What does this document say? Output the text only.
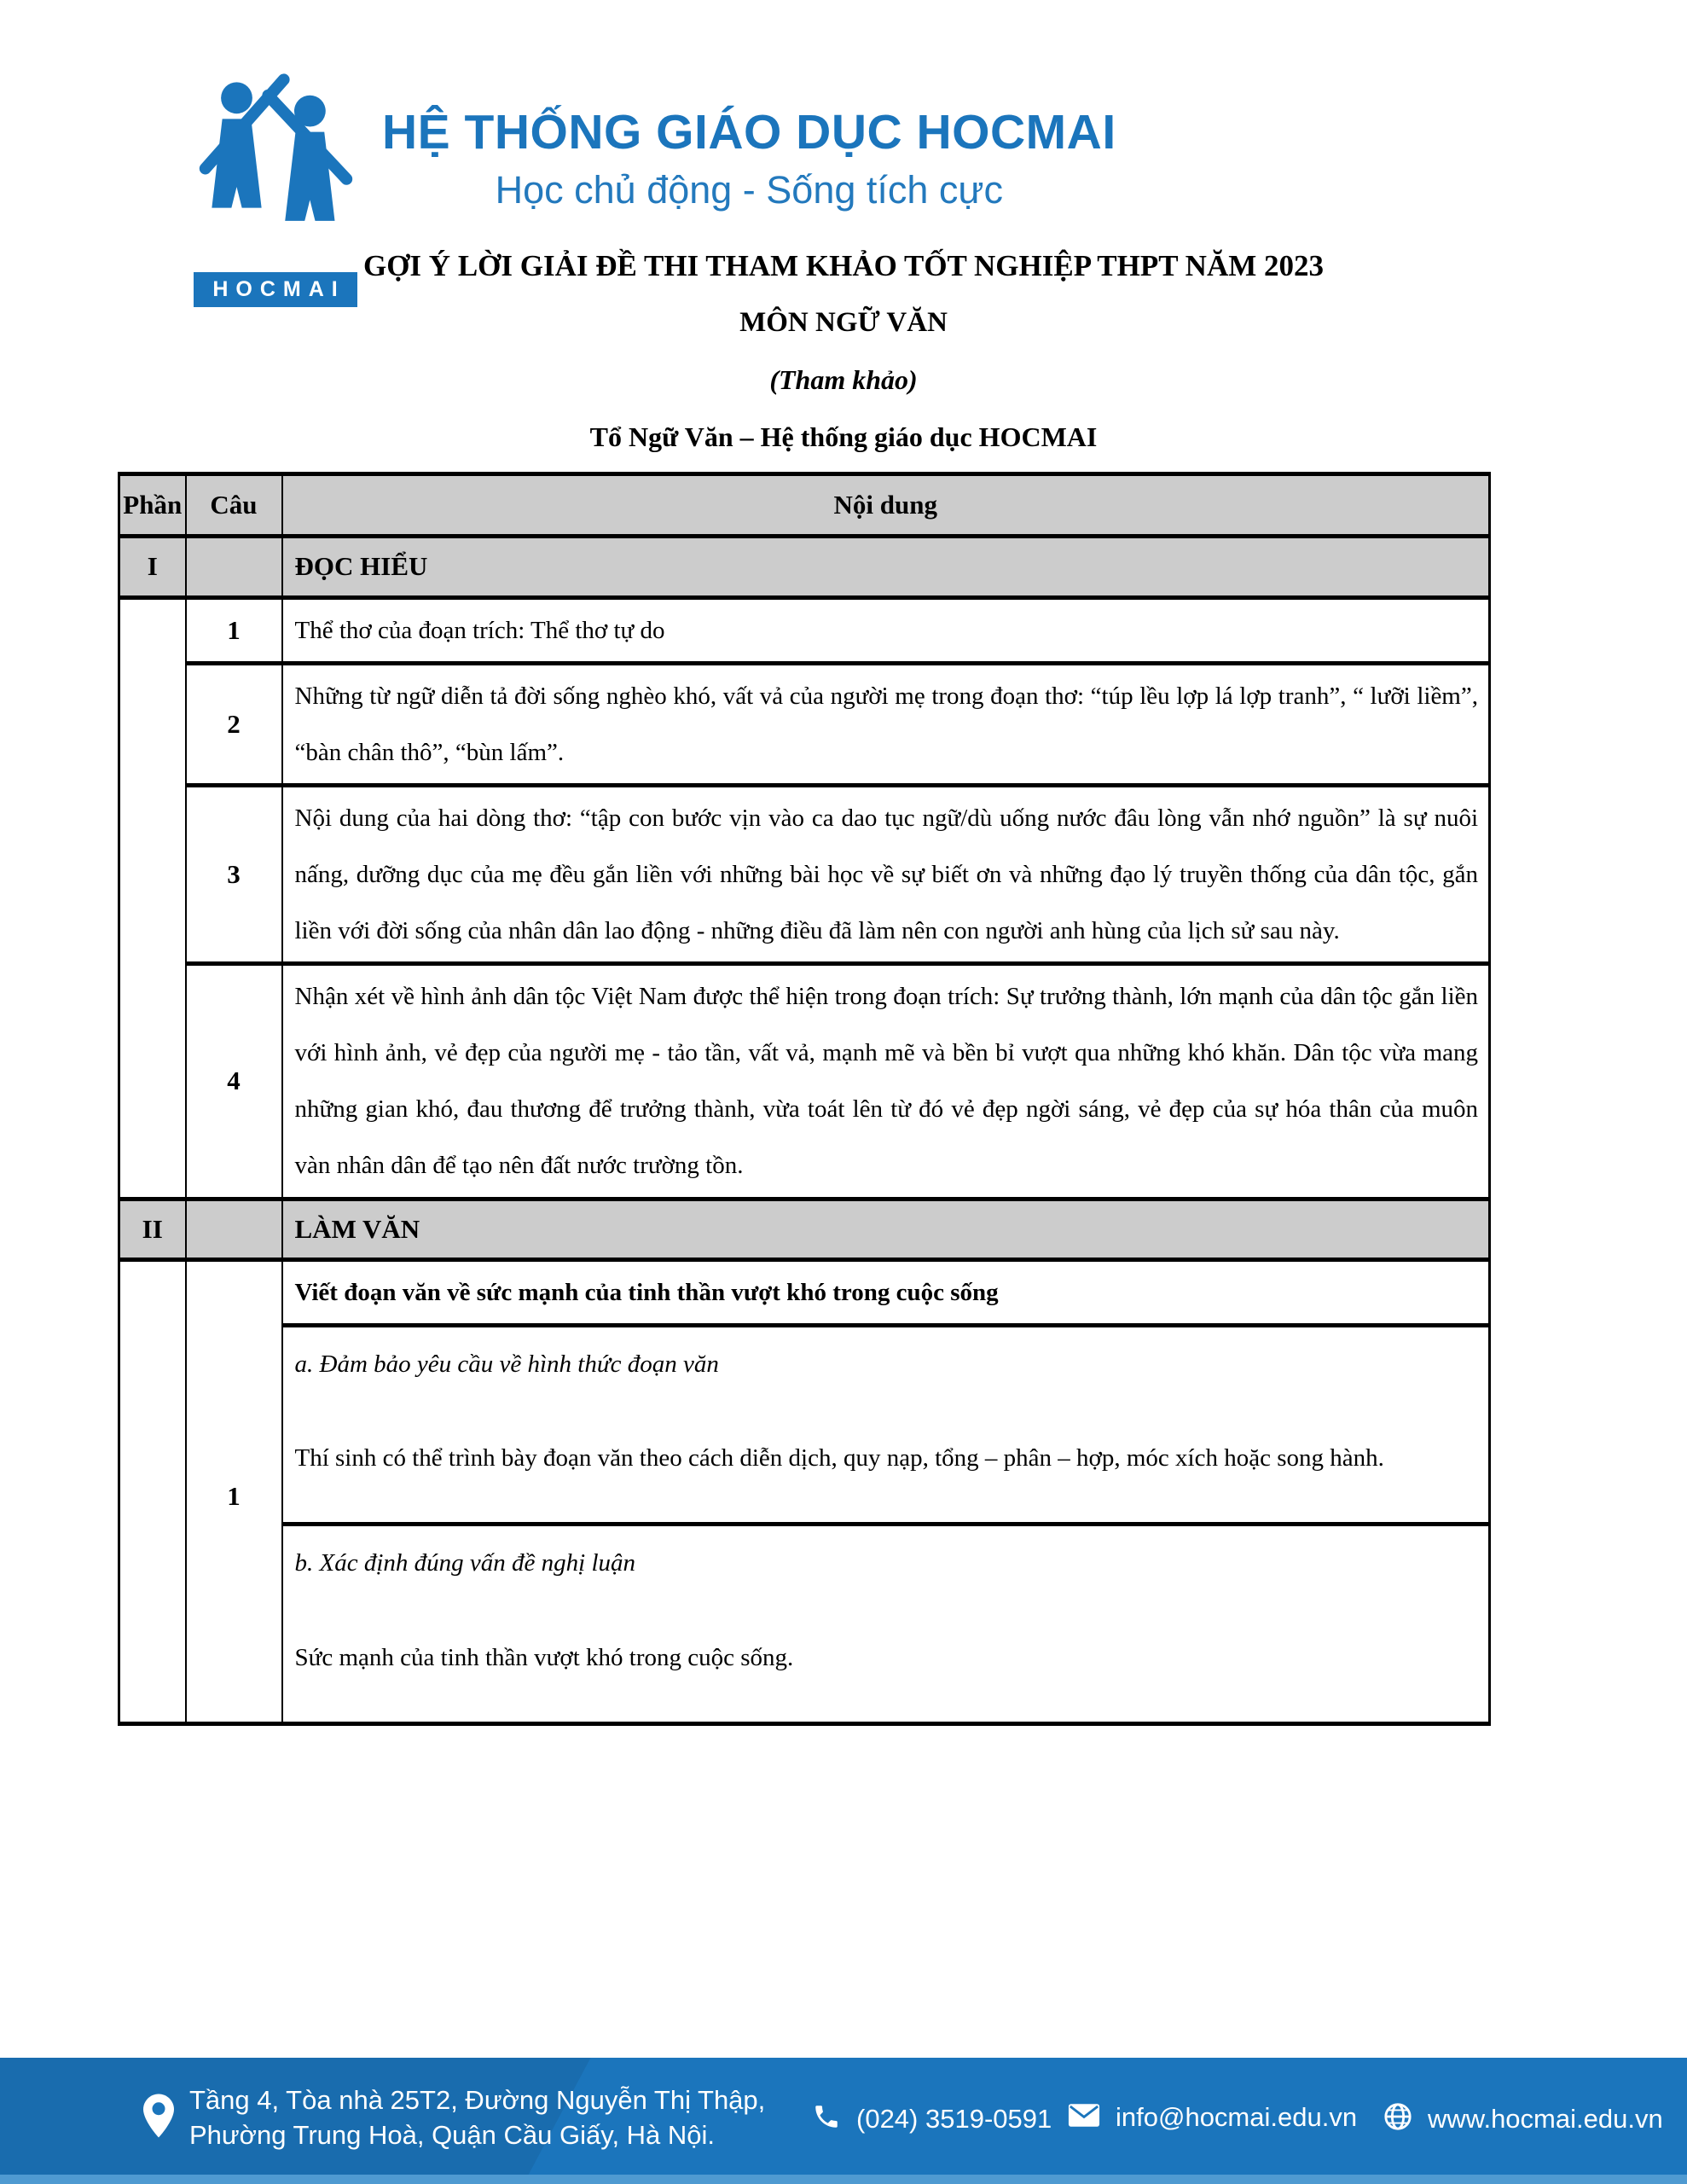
HOCMAI
HỆ THỐNG GIÁO DỤC HOCMAI
Học chủ động - Sống tích cực

GỢI Ý LỜI GIẢI ĐỀ THI THAM KHẢO TỐT NGHIỆP THPT NĂM 2023

MÔN NGỮ VĂN

(Tham khảo)

Tổ Ngữ Văn – Hệ thống giáo dục HOCMAI

Phần	Câu	Nội dung
I		ĐỌC HIỂU
	1	Thể thơ của đoạn trích: Thể thơ tự do
	2	Những từ ngữ diễn tả đời sống nghèo khó, vất vả của người mẹ trong đoạn thơ: “túp lều lợp lá lợp tranh”, “ lưỡi liềm”, “bàn chân thô”, “bùn lấm”.
	3	Nội dung của hai dòng thơ: “tập con bước vịn vào ca dao tục ngữ/dù uống nước đâu lòng vẫn nhớ nguồn” là sự nuôi nấng, dưỡng dục của mẹ đều gắn liền với những bài học về sự biết ơn và những đạo lý truyền thống của dân tộc, gắn liền với đời sống của nhân dân lao động - những điều đã làm nên con người anh hùng của lịch sử sau này.
	4	Nhận xét về hình ảnh dân tộc Việt Nam được thể hiện trong đoạn trích: Sự trưởng thành, lớn mạnh của dân tộc gắn liền với hình ảnh, vẻ đẹp của người mẹ - tảo tần, vất vả, mạnh mẽ và bền bỉ vượt qua những khó khăn. Dân tộc vừa mang những gian khó, đau thương để trưởng thành, vừa toát lên từ đó vẻ đẹp ngời sáng, vẻ đẹp của sự hóa thân của muôn vàn nhân dân để tạo nên đất nước trường tồn.
II		LÀM VĂN
	1	Viết đoạn văn về sức mạnh của tinh thần vượt khó trong cuộc sống

		a. Đảm bảo yêu cầu về hình thức đoạn văn

Thí sinh có thể trình bày đoạn văn theo cách diễn dịch, quy nạp, tổng – phân – hợp, móc xích hoặc song hành.

		b. Xác định đúng vấn đề nghị luận

Sức mạnh của tinh thần vượt khó trong cuộc sống.

Tầng 4, Tòa nhà 25T2, Đường Nguyễn Thị Thập,
Phường Trung Hoà, Quận Cầu Giấy, Hà Nội.
(024) 3519-0591 info@hocmai.edu.vn	www.hocmai.edu.vn
